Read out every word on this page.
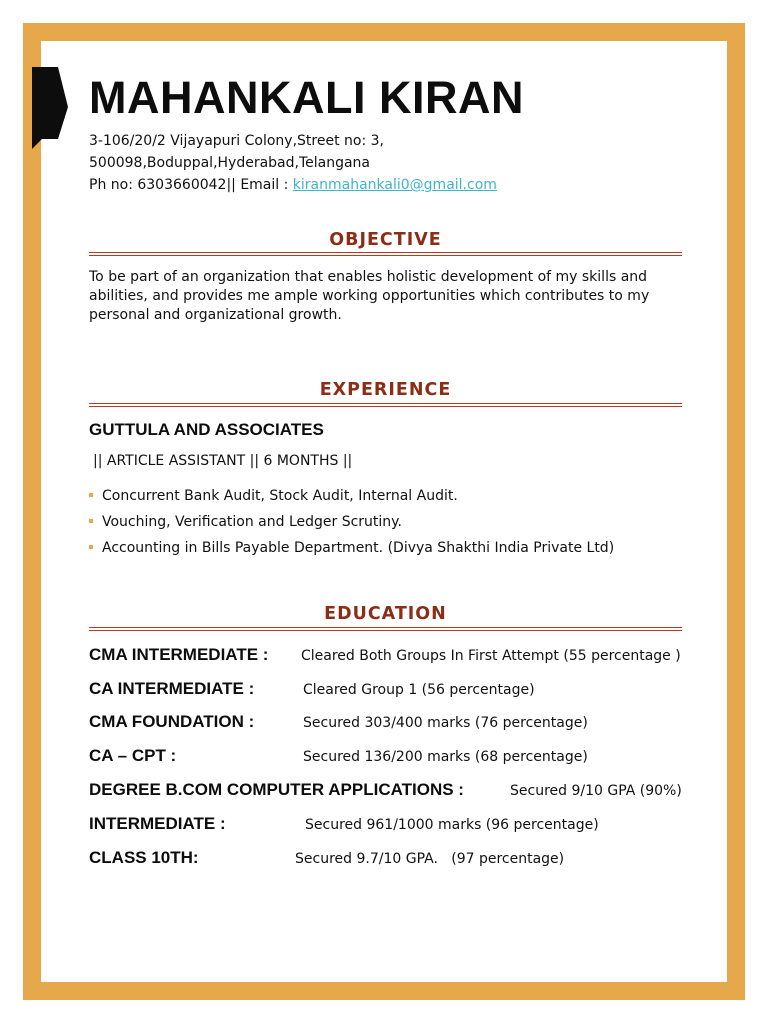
MAHANKALI KIRAN
3-106/20/2 Vijayapuri Colony,Street no: 3,
500098,Boduppal,Hyderabad,Telangana
Ph no: 6303660042|| Email : kiranmahankali0@gmail.com
OBJECTIVE
To be part of an organization that enables holistic development of my skills and
abilities, and provides me ample working opportunities which contributes to my
personal and organizational growth.
EXPERIENCE
GUTTULA AND ASSOCIATES
|| ARTICLE ASSISTANT || 6 MONTHS ||
Concurrent Bank Audit, Stock Audit, Internal Audit.
Vouching, Verification and Ledger Scrutiny.
Accounting in Bills Payable Department. (Divya Shakthi India Private Ltd)
EDUCATION
CMA INTERMEDIATE : Cleared Both Groups In First Attempt (55 percentage )
CA INTERMEDIATE :	Cleared Group 1 (56 percentage)
CMA FOUNDATION :	Secured 303/400 marks (76 percentage)
CA – CPT :	Secured 136/200 marks (68 percentage)
DEGREE B.COM COMPUTER APPLICATIONS :	Secured 9/10 GPA (90%)
INTERMEDIATE :	Secured 961/1000 marks (96 percentage)
CLASS 10TH:	Secured 9.7/10 GPA.   (97 percentage)
